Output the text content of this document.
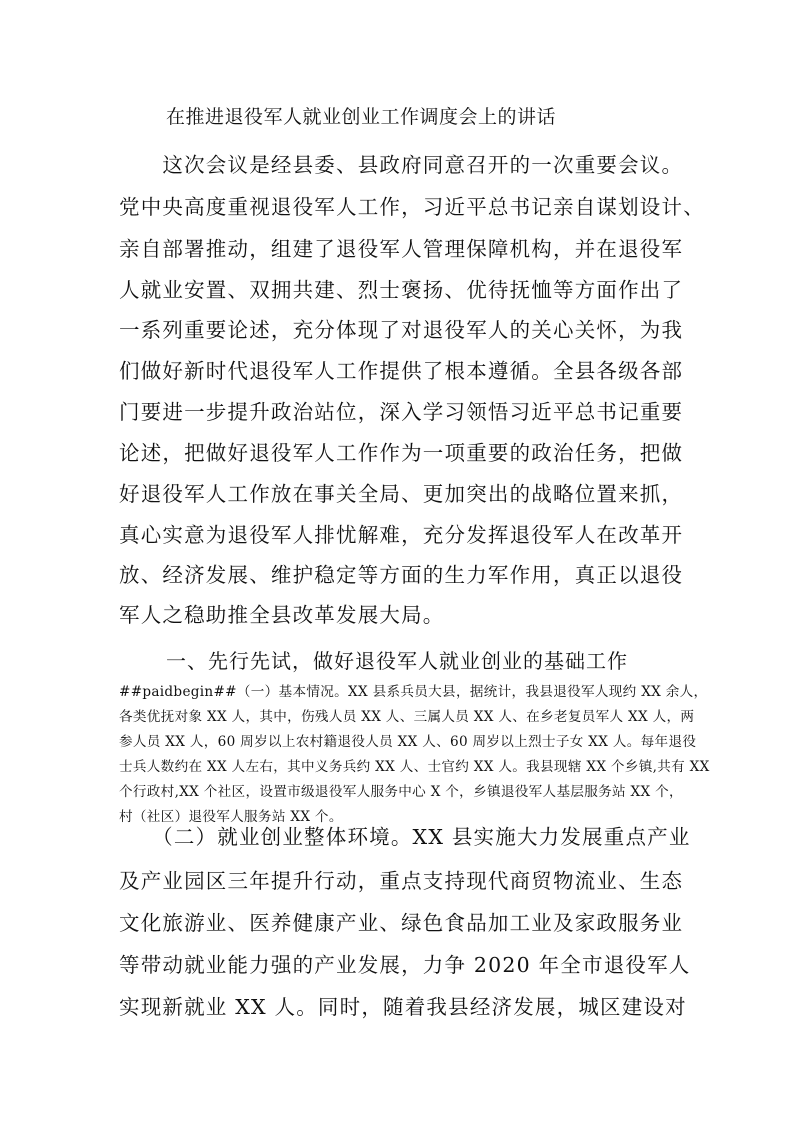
在推进退役军人就业创业工作调度会上的讲话
　　这次会议是经县委、县政府同意召开的一次重要会议。
党中央高度重视退役军人工作，习近平总书记亲自谋划设计、
亲自部署推动，组建了退役军人管理保障机构，并在退役军
人就业安置、双拥共建、烈士褒扬、优待抚恤等方面作出了
一系列重要论述，充分体现了对退役军人的关心关怀，为我
们做好新时代退役军人工作提供了根本遵循。全县各级各部
门要进一步提升政治站位，深入学习领悟习近平总书记重要
论述，把做好退役军人工作作为一项重要的政治任务，把做
好退役军人工作放在事关全局、更加突出的战略位置来抓，
真心实意为退役军人排忧解难，充分发挥退役军人在改革开
放、经济发展、维护稳定等方面的生力军作用，真正以退役
军人之稳助推全县改革发展大局。
一、先行先试，做好退役军人就业创业的基础工作
##paidbegin##（一）基本情况。XX 县系兵员大县，据统计，我县退役军人现约 XX 余人，
各类优抚对象 XX 人，其中，伤残人员 XX 人、三属人员 XX 人、在乡老复员军人 XX 人，两
参人员 XX 人，60 周岁以上农村籍退役人员 XX 人、60 周岁以上烈士子女 XX 人。每年退役
士兵人数约在 XX 人左右，其中义务兵约 XX 人、士官约 XX 人。我县现辖 XX 个乡镇,共有 XX
个行政村,XX 个社区，设置市级退役军人服务中心 X 个，乡镇退役军人基层服务站 XX 个，
村（社区）退役军人服务站 XX 个。
　　（二）就业创业整体环境。XX 县实施大力发展重点产业
及产业园区三年提升行动，重点支持现代商贸物流业、生态
文化旅游业、医养健康产业、绿色食品加工业及家政服务业
等带动就业能力强的产业发展，力争 2020 年全市退役军人
实现新就业 XX 人。同时，随着我县经济发展，城区建设对
